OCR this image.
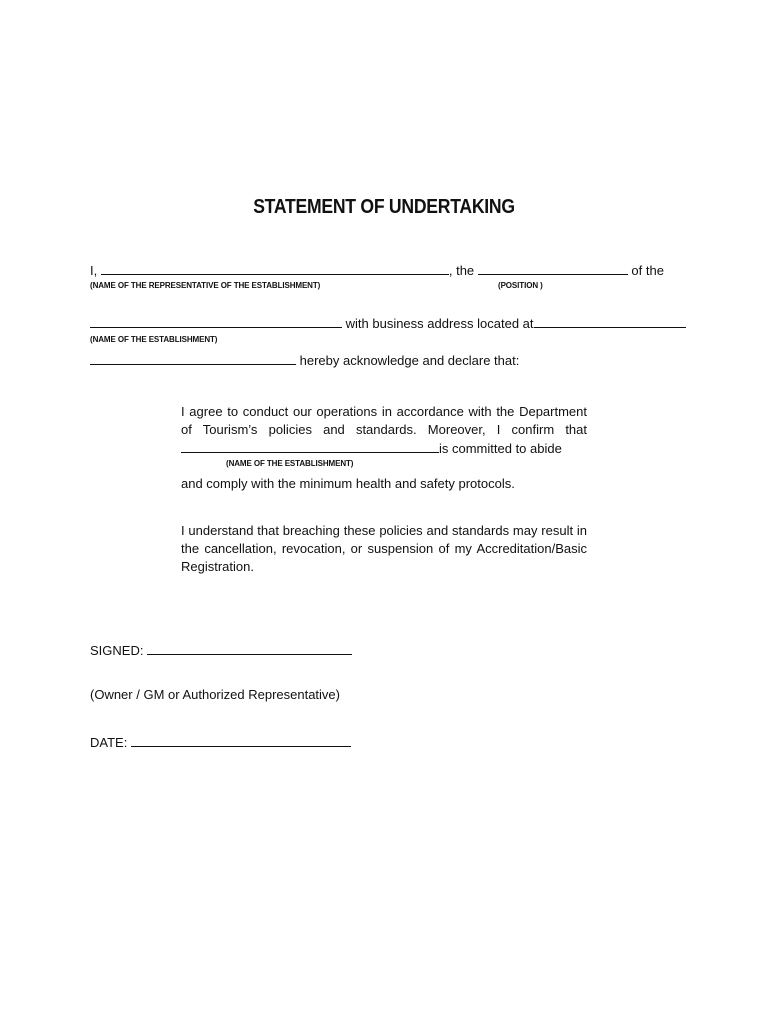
STATEMENT OF UNDERTAKING
I,	, the	of the
(NAME OF THE REPRESENTATIVE OF THE ESTABLISHMENT)	(POSITION )
with business address located at
(NAME OF THE ESTABLISHMENT)
hereby acknowledge and declare that:
I agree to conduct our operations in accordance with the Department of Tourism’s policies and standards. Moreover, I confirm that
is committed to abide
(NAME OF THE ESTABLISHMENT)
and comply with the minimum health and safety protocols.
I understand that breaching these policies and standards may result in the cancellation, revocation, or suspension of my Accreditation/Basic Registration.
SIGNED:
(Owner / GM or Authorized Representative)
DATE:
